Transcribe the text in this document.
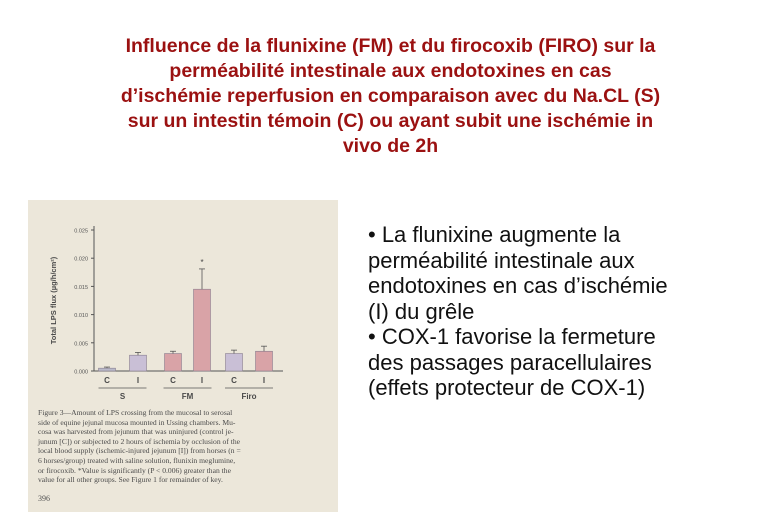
Influence de la flunixine (FM) et du firocoxib (FIRO) sur la
perméabilité intestinale aux endotoxines en cas
d’ischémie reperfusion en comparaison avec du Na.CL (S)
sur un intestin témoin (C) ou ayant subit une ischémie in
vivo de 2h
0.000
0.005
0.010
0.015
0.020
0.025
Total LPS flux (µg/h/cm²)
C	I	C	I
*
C	I
S	FM	Firo
Figure 3—Amount of LPS crossing from the mucosal to serosal
side of equine jejunal mucosa mounted in Ussing chambers. Mu-
cosa was harvested from jejunum that was uninjured (control je-
junum [C]) or subjected to 2 hours of ischemia by occlusion of the
local blood supply (ischemic-injured jejunum [I]) from horses (n =
6 horses/group) treated with saline solution, flunixin meglumine,
or firocoxib. *Value is significantly (P < 0.006) greater than the
value for all other groups. See Figure 1 for remainder of key.
396
• La flunixine augmente la
perméabilité intestinale aux
endotoxines en cas d’ischémie
(I) du grêle
• COX-1 favorise la fermeture
des passages paracellulaires
(effets protecteur de COX-1)
